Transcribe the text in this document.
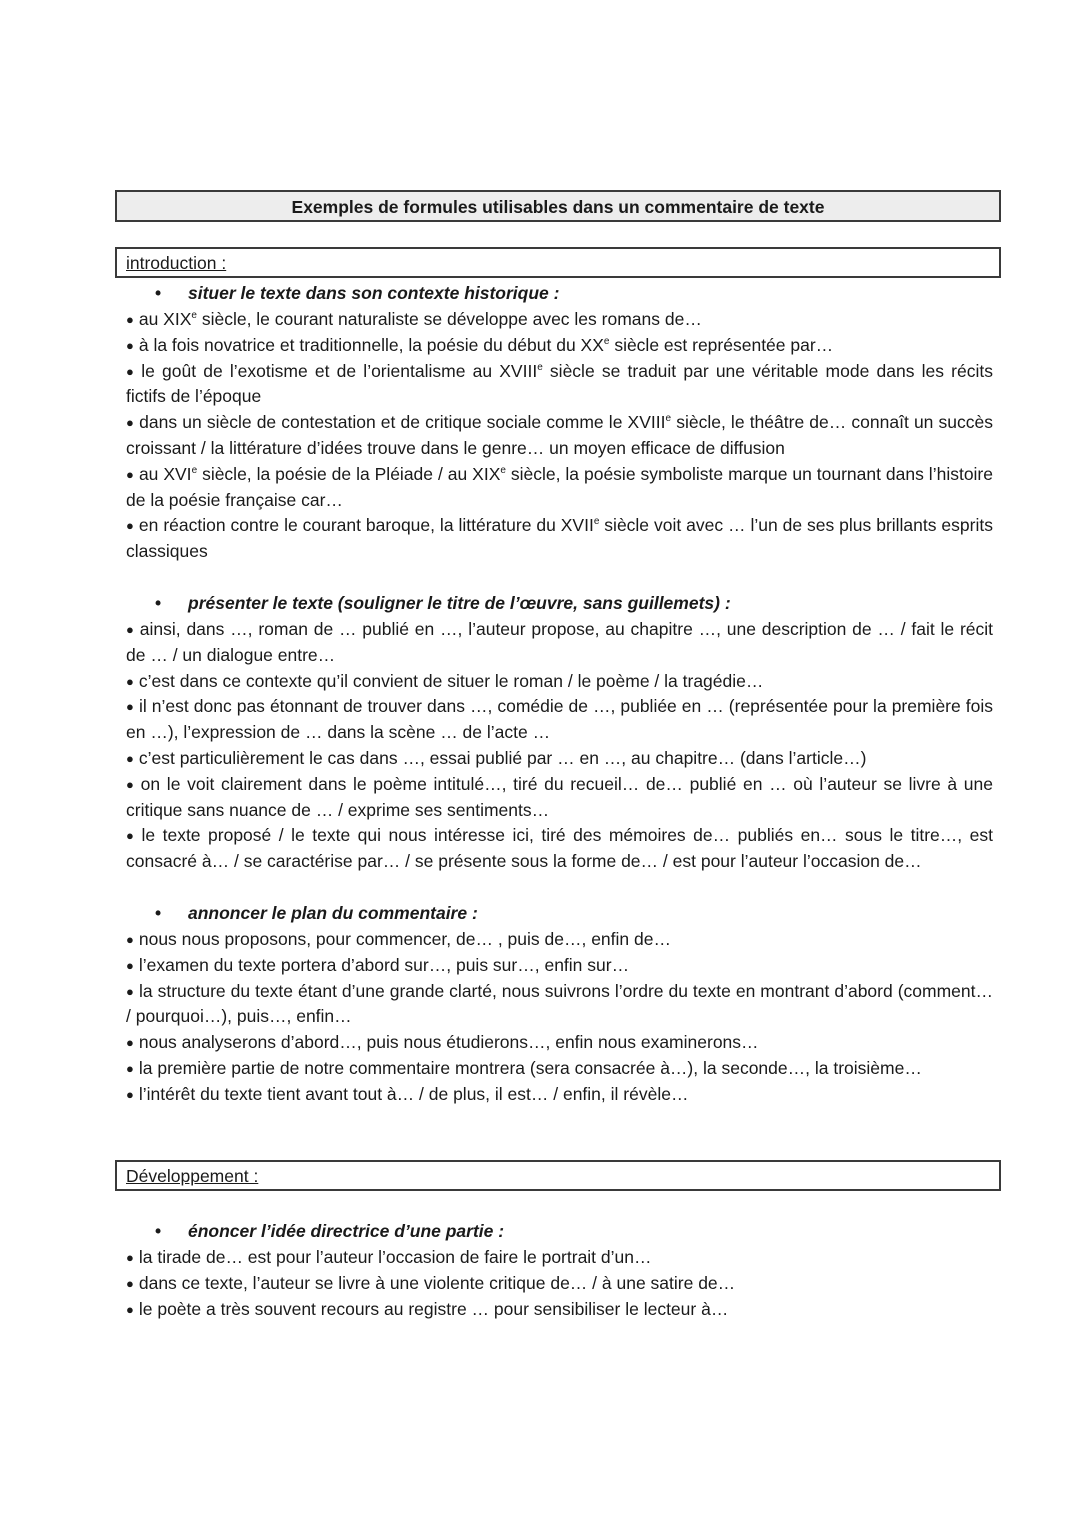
Exemples de formules utilisables dans un commentaire de texte
introduction :
• situer le texte dans son contexte historique :
● au XIXe siècle, le courant naturaliste se développe avec les romans de…
● à la fois novatrice et traditionnelle, la poésie du début du XXe siècle est représentée par…
● le goût de l’exotisme et de l’orientalisme au XVIIIe siècle se traduit par une véritable mode dans les récits fictifs de l’époque
● dans un siècle de contestation et de critique sociale comme le XVIIIe siècle, le théâtre de… connaît un succès croissant / la littérature d’idées trouve dans le genre… un moyen efficace de diffusion
● au XVIe siècle, la poésie de la Pléiade / au XIXe siècle, la poésie symboliste marque un tournant dans l’histoire de la poésie française car…
● en réaction contre le courant baroque, la littérature du XVIIe siècle voit avec … l’un de ses plus brillants esprits classiques
• présenter le texte (souligner le titre de l’œuvre, sans guillemets) :
● ainsi, dans …, roman de … publié en …, l’auteur propose, au chapitre …, une description de … / fait le récit de … / un dialogue entre…
● c’est dans ce contexte qu’il convient de situer le roman / le poème / la tragédie…
● il n’est donc pas étonnant de trouver dans …, comédie de …, publiée en … (représentée pour la première fois en …), l’expression de … dans la scène … de l’acte …
● c’est particulièrement le cas dans …, essai publié par … en …, au chapitre… (dans l’article…)
● on le voit clairement dans le poème intitulé…, tiré du recueil… de… publié en … où l’auteur se livre à une critique sans nuance de … / exprime ses sentiments…
● le texte proposé / le texte qui nous intéresse ici, tiré des mémoires de… publiés en… sous le titre…, est consacré à… / se caractérise par… / se présente sous la forme de… / est pour l’auteur l’occasion de…
• annoncer le plan du commentaire :
● nous nous proposons, pour commencer, de… , puis de…, enfin de…
● l’examen du texte portera d’abord sur…, puis sur…, enfin sur…
● la structure du texte étant d’une grande clarté, nous suivrons l’ordre du texte en montrant d’abord (comment… / pourquoi…), puis…, enfin…
● nous analyserons d’abord…, puis nous étudierons…, enfin nous examinerons…
● la première partie de notre commentaire montrera (sera consacrée à…), la seconde…, la troisième…
● l’intérêt du texte tient avant tout à… / de plus, il est… / enfin, il révèle…
Développement :
• énoncer l’idée directrice d’une partie :
● la tirade de… est pour l’auteur l’occasion de faire le portrait d’un…
● dans ce texte, l’auteur se livre à une violente critique de… / à une satire de…
● le poète a très souvent recours au registre … pour sensibiliser le lecteur à…
